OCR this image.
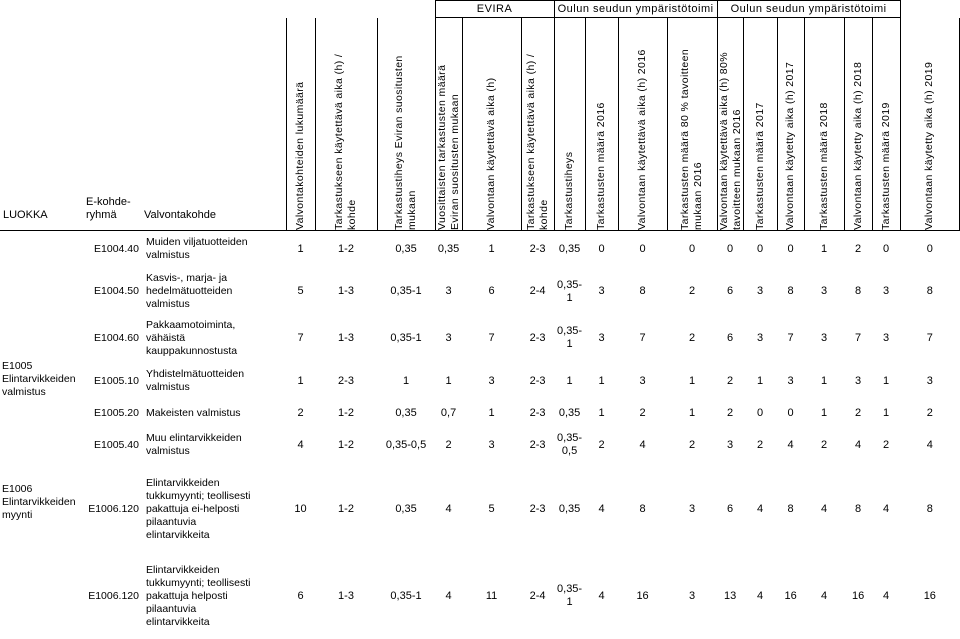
							EVIRA			Oulun seudun ympäristötoimi				Oulun seudun ympäristötoimi						
LUOKKA	E-kohde-ryhmä	Valvontakohde		Valvontakohteiden lukumäärä	Tarkastukseen käytettävä aika (h) / kohde	Tarkastustiheys Eviran suositusten mukaan	Vuosittaisten tarkastusten määrä Eviran suositusten mukaan	Valvontaan käytettävä aika (h)	Tarkastukseen käytettävä aika (h) / kohde	Tarkastustiheys	Tarkastusten määrä 2016	Valvontaan käytettävä aika (h) 2016	Tarkastusten määrä 80 % tavoitteen mukaan 2016	Valvontaan käytettävä aika (h) 80% tavoitteen mukaan 2016	Tarkastusten määrä 2017	Valvontaan käytetty aika (h) 2017	Tarkastusten määrä 2018	Valvontaan käytetty aika (h) 2018	Tarkastusten määrä 2019	Valvontaan käytetty aika (h) 2019

	E1004.40	Muiden viljatuotteiden valmistus		1	1-2	0,35	0,35	1	2-3	0,35	0	0	0	0	0	0	1	2	0	0
E1005 Elintarvikkeiden valmistus	E1004.50	Kasvis-, marja- ja hedelmätuotteiden valmistus		5	1-3	0,35-1	3	6	2-4	0,35-1	3	8	2	6	3	8	3	8	3	8
	E1004.60	Pakkaamotoiminta, vähäistä kauppakunnostusta		7	1-3	0,35-1	3	7	2-3	0,35-1	3	7	2	6	3	7	3	7	3	7
	E1005.10	Yhdistelmätuotteiden valmistus		1	2-3	1	1	3	2-3	1	1	3	1	2	1	3	1	3	1	3
	E1005.20	Makeisten valmistus		2	1-2	0,35	0,7	1	2-3	0,35	1	2	1	2	0	0	1	2	1	2
	E1005.40	Muu elintarvikkeiden valmistus		4	1-2	0,35-0,5	2	3	2-3	0,35-0,5	2	4	2	3	2	4	2	4	2	4
E1006 Elintarvikkeiden myynti	E1006.120	Elintarvikkeiden tukkumyynti; teollisesti pakattuja ei-helposti pilaantuvia elintarvikkeita		10	1-2	0,35	4	5	2-3	0,35	4	8	3	6	4	8	4	8	4	8
	E1006.120	Elintarvikkeiden tukkumyynti; teollisesti pakattuja helposti pilaantuvia elintarvikkeita		6	1-3	0,35-1	4	11	2-4	0,35-1	4	16	3	13	4	16	4	16	4	16
